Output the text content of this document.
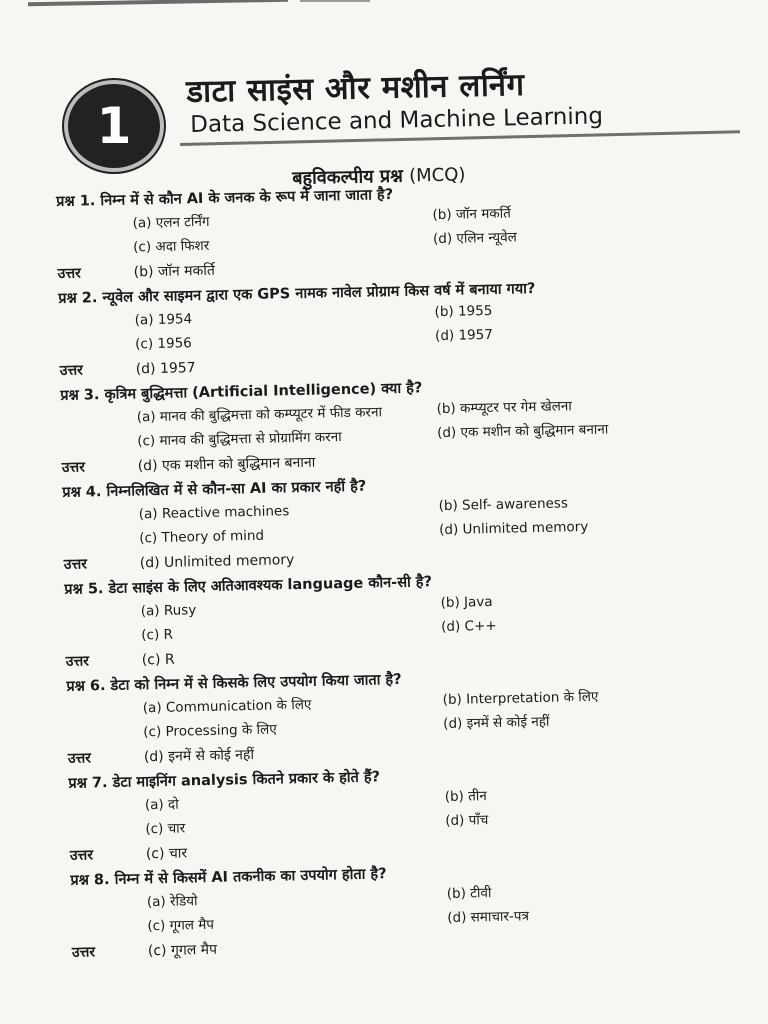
1
डाटा साइंस और मशीन लर्निंग
Data Science and Machine Learning
बहुविकल्पीय प्रश्न (MCQ)
प्रश्न 1. निम्न में से कौन AI के जनक के रूप में जाना जाता है?
(a) एलन टर्निंग	(b) जॉन मकर्ति
(c) अदा फिशर	(d) एलिन न्यूवेल
उत्तर	(b) जॉन मकर्ति
प्रश्न 2. न्यूवेल और साइमन द्वारा एक GPS नामक नावेल प्रोग्राम किस वर्ष में बनाया गया?
(a) 1954	(b) 1955
(c) 1956	(d) 1957
उत्तर	(d) 1957
प्रश्न 3. कृत्रिम बुद्धिमत्ता (Artificial Intelligence) क्या है?
(a) मानव की बुद्धिमत्ता को कम्प्यूटर में फीड करना	(b) कम्प्यूटर पर गेम खेलना
(c) मानव की बुद्धिमत्ता से प्रोग्रामिंग करना	(d) एक मशीन को बुद्धिमान बनाना
उत्तर	(d) एक मशीन को बुद्धिमान बनाना
प्रश्न 4. निम्नलिखित में से कौन-सा AI का प्रकार नहीं है?
(a) Reactive machines	(b) Self- awareness
(c) Theory of mind	(d) Unlimited memory
उत्तर	(d) Unlimited memory
प्रश्न 5. डेटा साइंस के लिए अतिआवश्यक language कौन-सी है?
(a) Rusy	(b) Java
(c) R	(d) C++
उत्तर	(c) R
प्रश्न 6. डेटा को निम्न में से किसके लिए उपयोग किया जाता है?
(a) Communication के लिए	(b) Interpretation के लिए
(c) Processing के लिए	(d) इनमें से कोई नहीं
उत्तर	(d) इनमें से कोई नहीं
प्रश्न 7. डेटा माइनिंग analysis कितने प्रकार के होते हैं?
(a) दो	(b) तीन
(c) चार	(d) पाँच
उत्तर	(c) चार
प्रश्न 8. निम्न में से किसमें AI तकनीक का उपयोग होता है?
(a) रेडियो	(b) टीवी
(c) गूगल मैप	(d) समाचार-पत्र
उत्तर	(c) गूगल मैप
